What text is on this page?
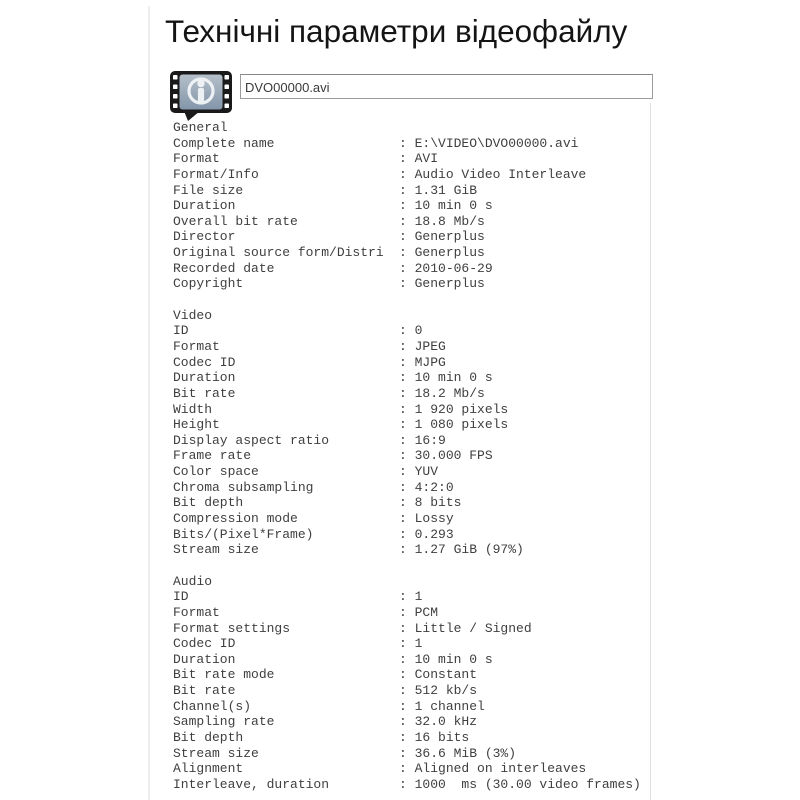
Технічні параметри відеофайлу
DVO00000.avi
General
Complete name	: E:\VIDEO\DVO00000.avi
Format	: AVI
Format/Info	: Audio Video Interleave
File size	: 1.31 GiB
Duration	: 10 min 0 s
Overall bit rate	: 18.8 Mb/s
Director	: Generplus
Original source form/Distri : Generplus
Recorded date	: 2010-06-29
Copyright	: Generplus
Video
ID	: 0
Format	: JPEG
Codec ID	: MJPG
Duration	: 10 min 0 s
Bit rate	: 18.2 Mb/s
Width	: 1 920 pixels
Height	: 1 080 pixels
Display aspect ratio	: 16:9
Frame rate	: 30.000 FPS
Color space	: YUV
Chroma subsampling	: 4:2:0
Bit depth	: 8 bits
Compression mode	: Lossy
Bits/(Pixel*Frame)	: 0.293
Stream size	: 1.27 GiB (97%)
Audio
ID	: 1
Format	: PCM
Format settings	: Little / Signed
Codec ID	: 1
Duration	: 10 min 0 s
Bit rate mode	: Constant
Bit rate	: 512 kb/s
Channel(s)	: 1 channel
Sampling rate	: 32.0 kHz
Bit depth	: 16 bits
Stream size	: 36.6 MiB (3%)
Alignment	: Aligned on interleaves
Interleave, duration	: 1000  ms (30.00 video frames)
